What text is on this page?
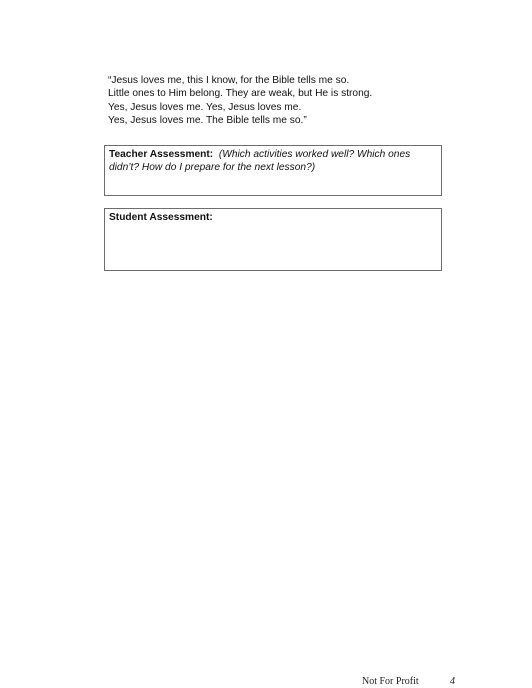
“Jesus loves me, this I know, for the Bible tells me so.
Little ones to Him belong. They are weak, but He is strong.
Yes, Jesus loves me. Yes, Jesus loves me.
Yes, Jesus loves me. The Bible tells me so.”

Teacher Assessment: (Which activities worked well? Which ones didn’t? How do I prepare for the next lesson?)
Student Assessment:
Not For Profit	4
